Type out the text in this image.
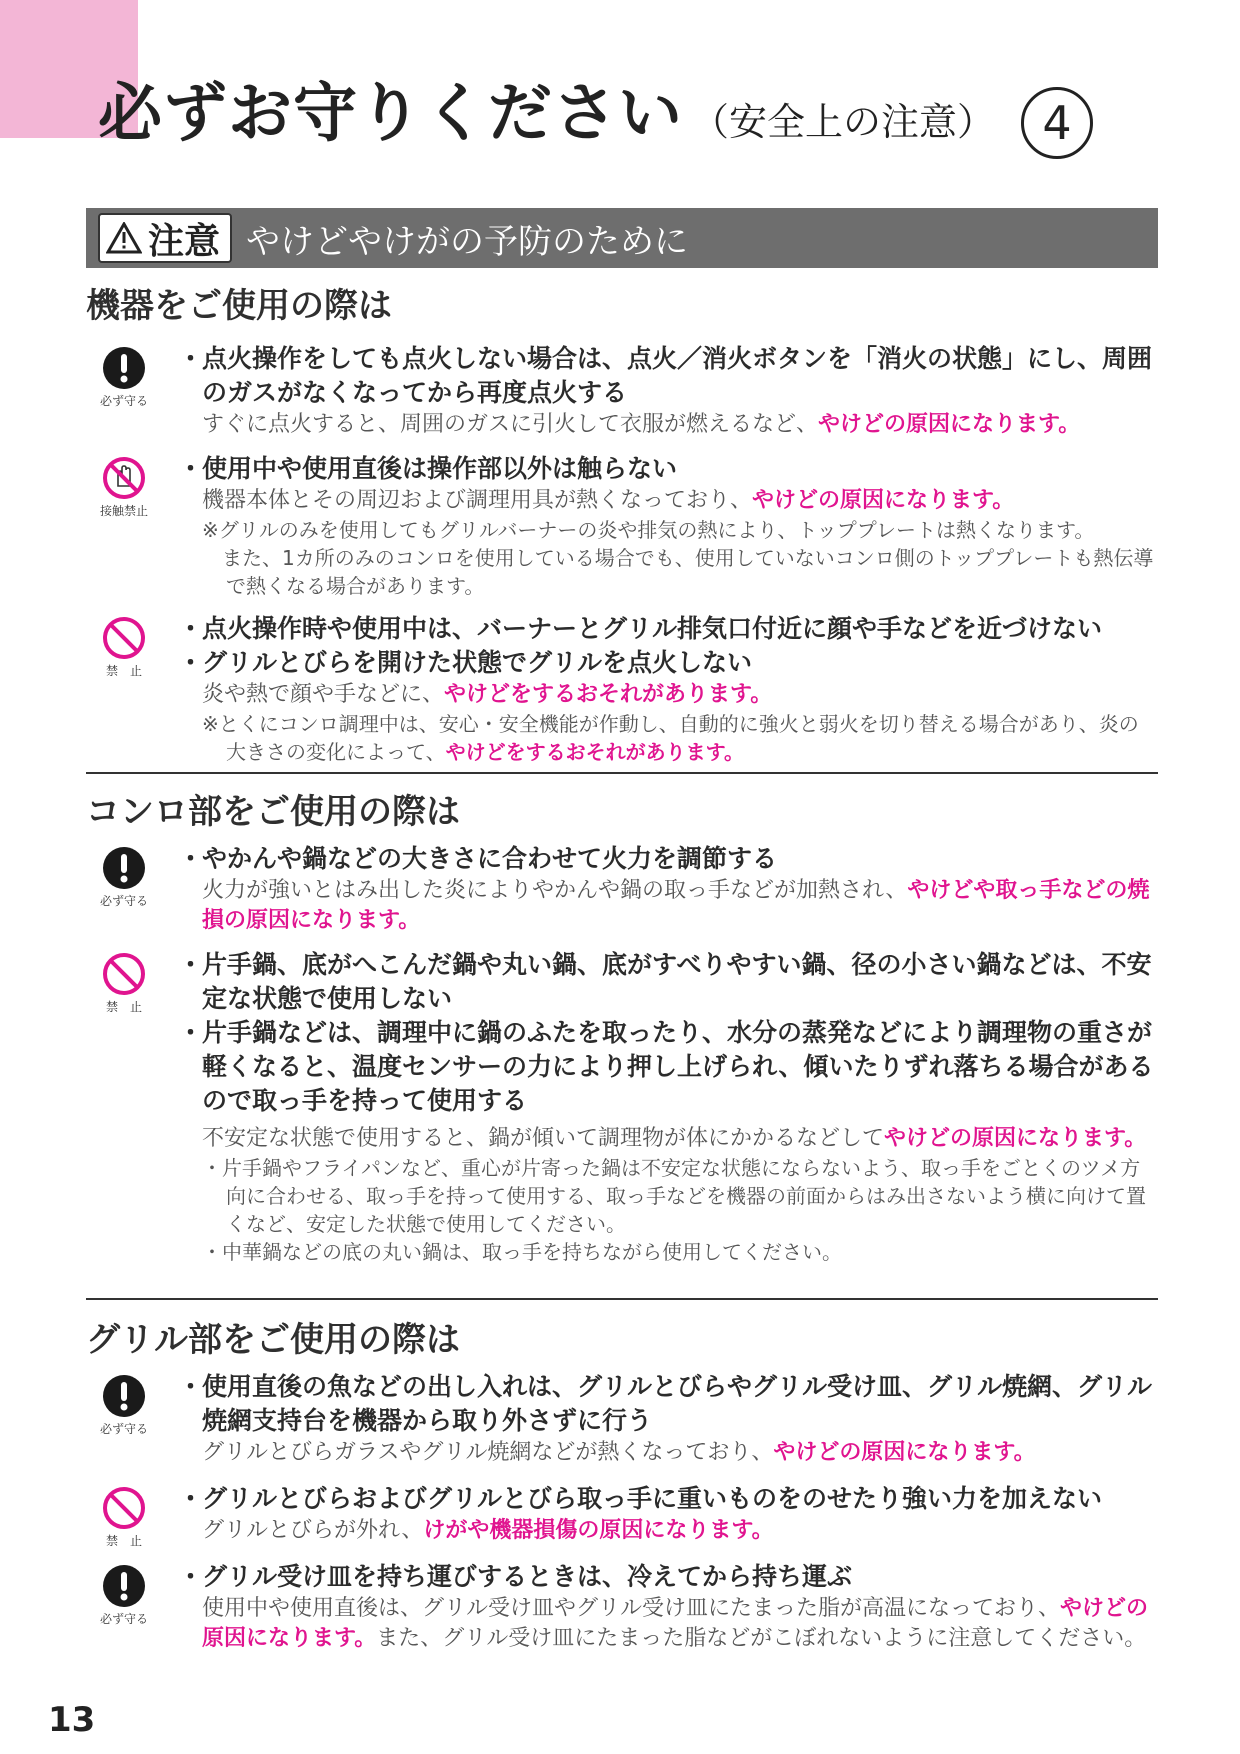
必ずお守りください （安全上の注意） 4
注意 やけどやけがの予防のために
機器をご使用の際は
必ず守る
・ 点火操作をしても点火しない場合は、点火／消火ボタンを「消火の状態」にし、周囲のガスがなくなってから再度点火する
すぐに点火すると、周囲のガスに引火して衣服が燃えるなど、やけどの原因になります。
接触禁止
・ 使用中や使用直後は操作部以外は触らない
機器本体とその周辺および調理用具が熱くなっており、やけどの原因になります。
※グリルのみを使用してもグリルバーナーの炎や排気の熱により、トッププレートは熱くなります。
　また、1カ所のみのコンロを使用している場合でも、使用していないコンロ側のトッププレートも熱伝導で熱くなる場合があります。
禁　止
・ 点火操作時や使用中は、バーナーとグリル排気口付近に顔や手などを近づけない
・ グリルとびらを開けた状態でグリルを点火しない
炎や熱で顔や手などに、やけどをするおそれがあります。
※とくにコンロ調理中は、安心・安全機能が作動し、自動的に強火と弱火を切り替える場合があり、炎の大きさの変化によって、やけどをするおそれがあります。
コンロ部をご使用の際は
必ず守る
・ やかんや鍋などの大きさに合わせて火力を調節する
火力が強いとはみ出した炎によりやかんや鍋の取っ手などが加熱され、やけどや取っ手などの焼損の原因になります。
禁　止
・ 片手鍋、底がへこんだ鍋や丸い鍋、底がすべりやすい鍋、径の小さい鍋などは、不安定な状態で使用しない
・ 片手鍋などは、調理中に鍋のふたを取ったり、水分の蒸発などにより調理物の重さが軽くなると、温度センサーの力により押し上げられ、傾いたりずれ落ちる場合があるので取っ手を持って使用する
不安定な状態で使用すると、鍋が傾いて調理物が体にかかるなどしてやけどの原因になります。
・片手鍋やフライパンなど、重心が片寄った鍋は不安定な状態にならないよう、取っ手をごとくのツメ方向に合わせる、取っ手を持って使用する、取っ手などを機器の前面からはみ出さないよう横に向けて置くなど、安定した状態で使用してください。
・中華鍋などの底の丸い鍋は、取っ手を持ちながら使用してください。
グリル部をご使用の際は
必ず守る
・ 使用直後の魚などの出し入れは、グリルとびらやグリル受け皿、グリル焼網、グリル焼網支持台を機器から取り外さずに行う
グリルとびらガラスやグリル焼網などが熱くなっており、やけどの原因になります。
禁　止
・ グリルとびらおよびグリルとびら取っ手に重いものをのせたり強い力を加えない
グリルとびらが外れ、けがや機器損傷の原因になります。
必ず守る
・ グリル受け皿を持ち運びするときは、冷えてから持ち運ぶ
使用中や使用直後は、グリル受け皿やグリル受け皿にたまった脂が高温になっており、やけどの原因になります。また、グリル受け皿にたまった脂などがこぼれないように注意してください。
13
